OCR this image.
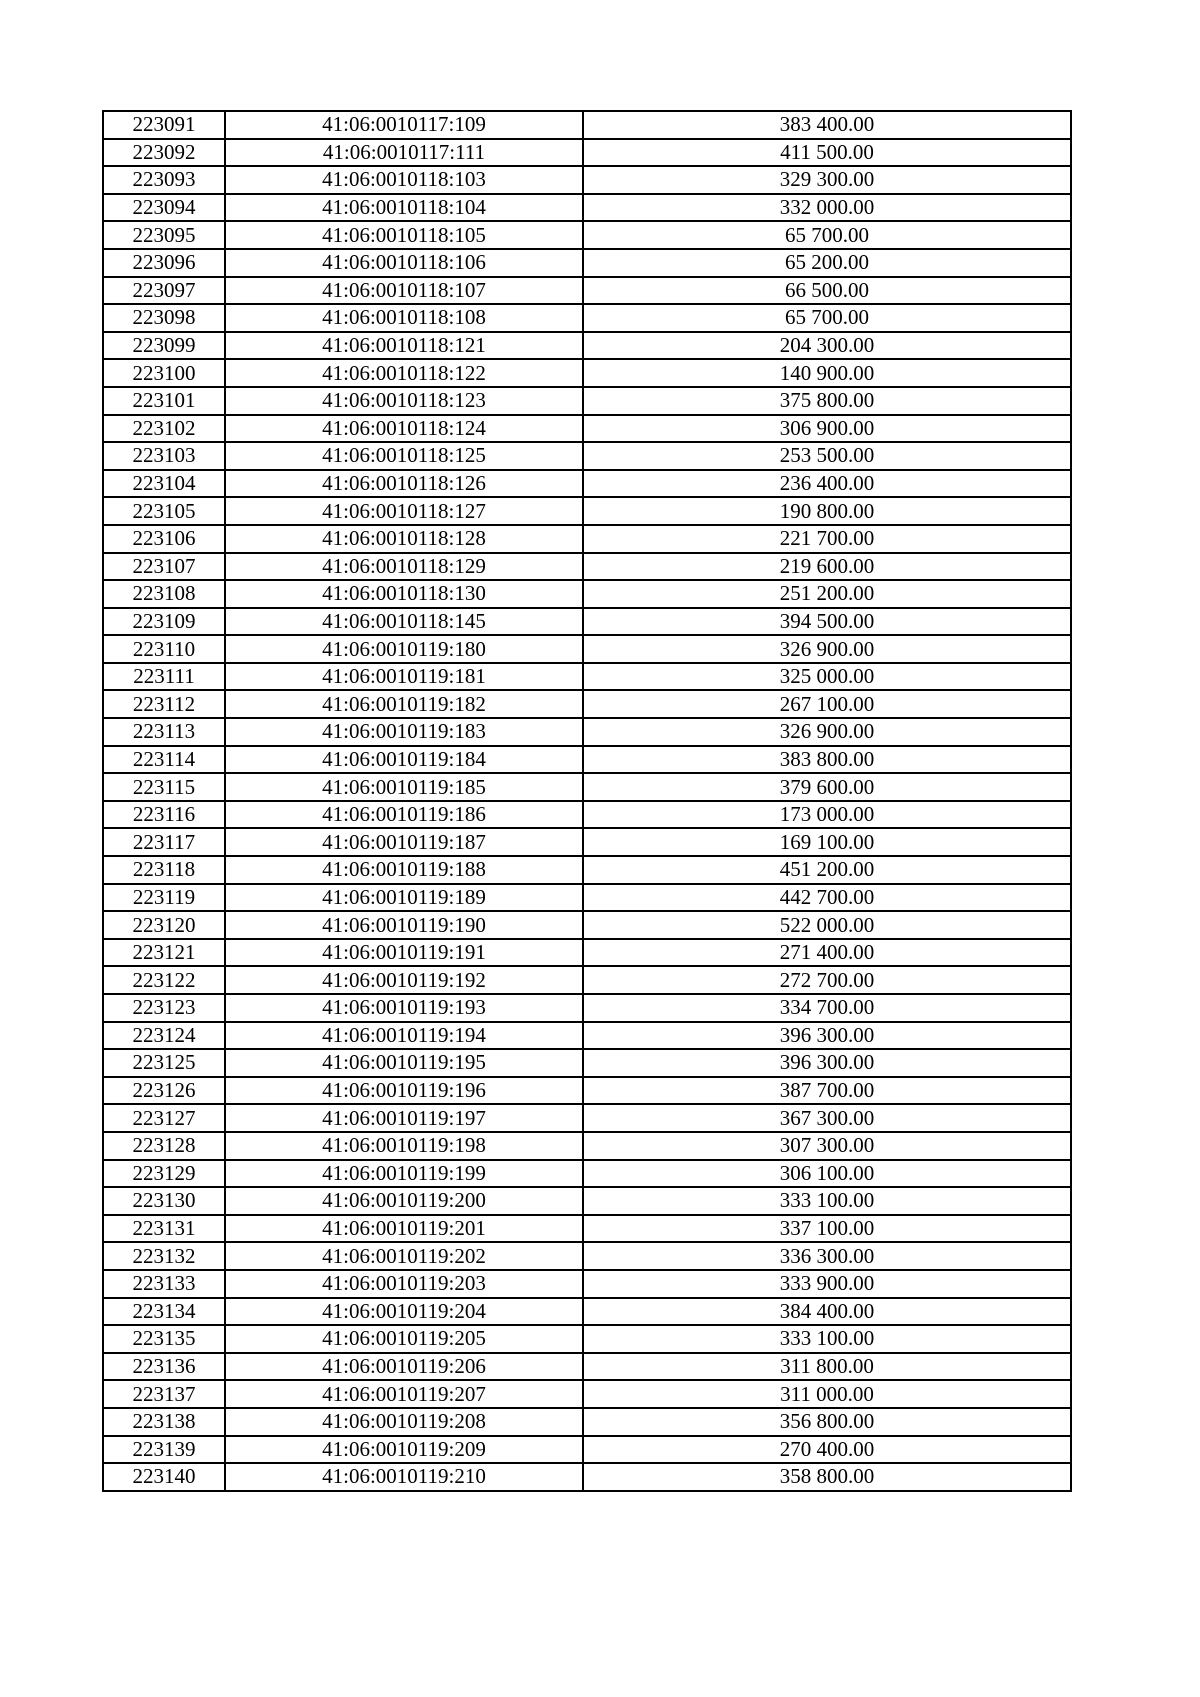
223091	41:06:0010117:109	383 400.00
223092	41:06:0010117:111	411 500.00
223093	41:06:0010118:103	329 300.00
223094	41:06:0010118:104	332 000.00
223095	41:06:0010118:105	65 700.00
223096	41:06:0010118:106	65 200.00
223097	41:06:0010118:107	66 500.00
223098	41:06:0010118:108	65 700.00
223099	41:06:0010118:121	204 300.00
223100	41:06:0010118:122	140 900.00
223101	41:06:0010118:123	375 800.00
223102	41:06:0010118:124	306 900.00
223103	41:06:0010118:125	253 500.00
223104	41:06:0010118:126	236 400.00
223105	41:06:0010118:127	190 800.00
223106	41:06:0010118:128	221 700.00
223107	41:06:0010118:129	219 600.00
223108	41:06:0010118:130	251 200.00
223109	41:06:0010118:145	394 500.00
223110	41:06:0010119:180	326 900.00
223111	41:06:0010119:181	325 000.00
223112	41:06:0010119:182	267 100.00
223113	41:06:0010119:183	326 900.00
223114	41:06:0010119:184	383 800.00
223115	41:06:0010119:185	379 600.00
223116	41:06:0010119:186	173 000.00
223117	41:06:0010119:187	169 100.00
223118	41:06:0010119:188	451 200.00
223119	41:06:0010119:189	442 700.00
223120	41:06:0010119:190	522 000.00
223121	41:06:0010119:191	271 400.00
223122	41:06:0010119:192	272 700.00
223123	41:06:0010119:193	334 700.00
223124	41:06:0010119:194	396 300.00
223125	41:06:0010119:195	396 300.00
223126	41:06:0010119:196	387 700.00
223127	41:06:0010119:197	367 300.00
223128	41:06:0010119:198	307 300.00
223129	41:06:0010119:199	306 100.00
223130	41:06:0010119:200	333 100.00
223131	41:06:0010119:201	337 100.00
223132	41:06:0010119:202	336 300.00
223133	41:06:0010119:203	333 900.00
223134	41:06:0010119:204	384 400.00
223135	41:06:0010119:205	333 100.00
223136	41:06:0010119:206	311 800.00
223137	41:06:0010119:207	311 000.00
223138	41:06:0010119:208	356 800.00
223139	41:06:0010119:209	270 400.00
223140	41:06:0010119:210	358 800.00
